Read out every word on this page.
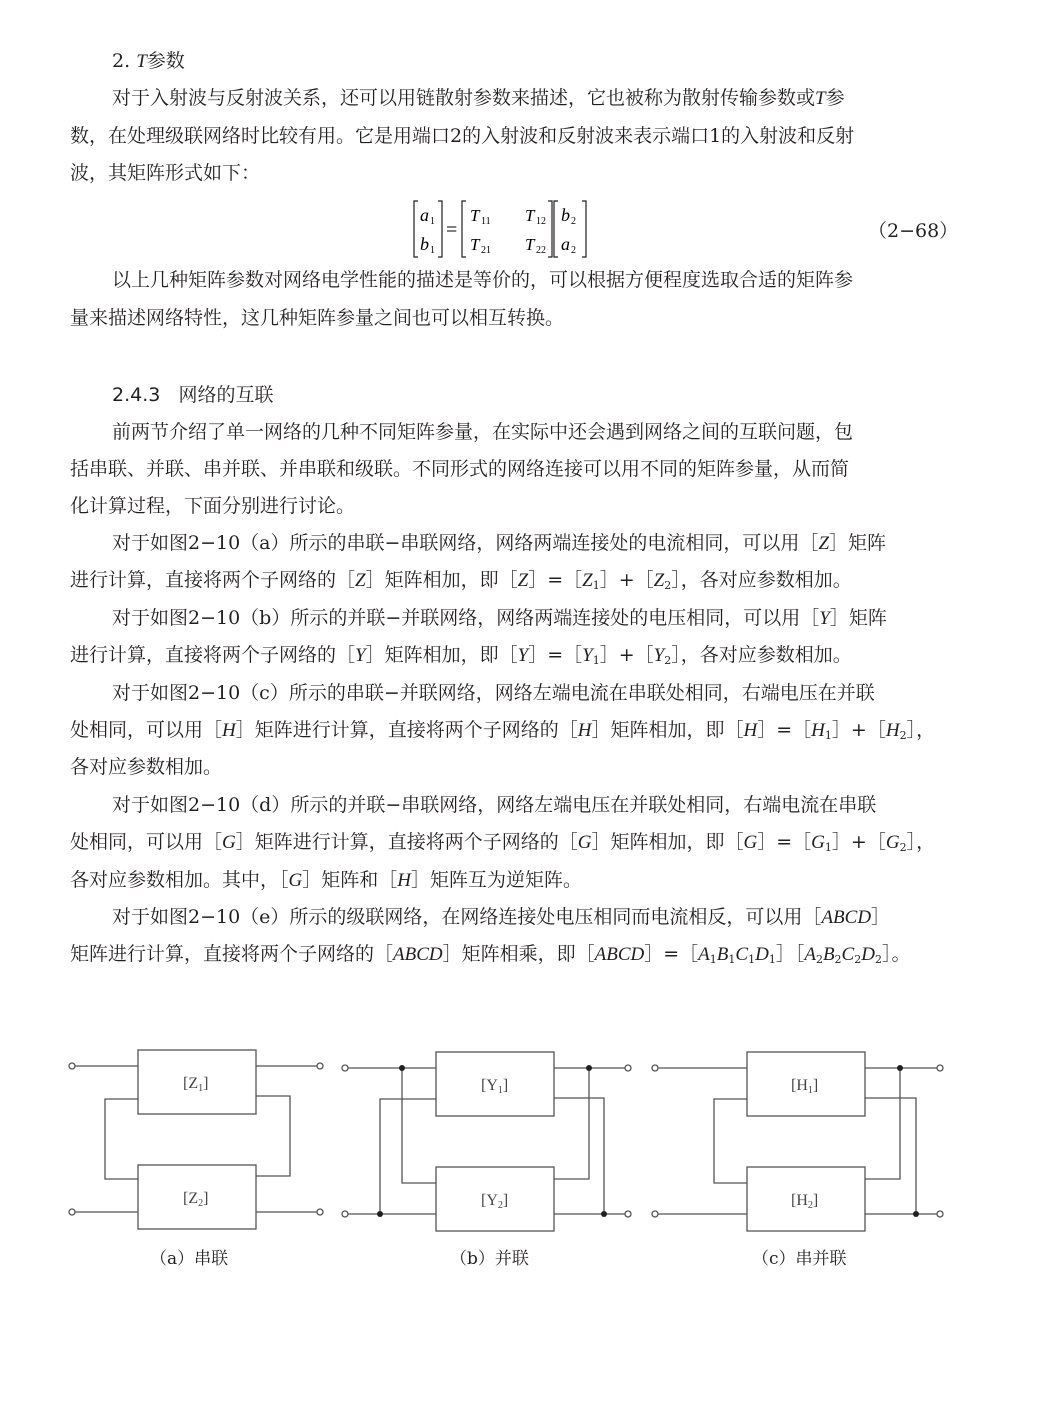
2. T参数
对于入射波与反射波关系，还可以用链散射参数来描述，它也被称为散射传输参数或T参
数，在处理级联网络时比较有用。它是用端口2的入射波和反射波来表示端口1的入射波和反射
波，其矩阵形式如下：
a 1
b 1
=
T 11 T 12
T 21 T 22
b 2
a 2
（2−68）
以上几种矩阵参数对网络电学性能的描述是等价的，可以根据方便程度选取合适的矩阵参
量来描述网络特性，这几种矩阵参量之间也可以相互转换。
2.4.3 网络的互联
前两节介绍了单一网络的几种不同矩阵参量，在实际中还会遇到网络之间的互联问题，包
括串联、并联、串并联、并串联和级联。不同形式的网络连接可以用不同的矩阵参量，从而简
化计算过程，下面分别进行讨论。
对于如图2−10（a）所示的串联−串联网络，网络两端连接处的电流相同，可以用［Z］矩阵
进行计算，直接将两个子网络的［Z］矩阵相加，即$[Z]=[Z_1]+[Z_2]$，各对应参数相加。
对于如图2−10（b）所示的并联−并联网络，网络两端连接处的电压相同，可以用［Y］矩阵
进行计算，直接将两个子网络的［Y］矩阵相加，即$[Y]=[Y_1]+[Y_2]$，各对应参数相加。
对于如图2−10（c）所示的串联−并联网络，网络左端电流在串联处相同，右端电压在并联
处相同，可以用［H］矩阵进行计算，直接将两个子网络的［H］矩阵相加，即$[H]=[H_1]+[H_2]$，
各对应参数相加。
对于如图2−10（d）所示的并联−串联网络，网络左端电压在并联处相同，右端电流在串联
处相同，可以用［G］矩阵进行计算，直接将两个子网络的［G］矩阵相加，即$[G]=[G_1]+[G_2]$，
各对应参数相加。其中，［G］矩阵和［H］矩阵互为逆矩阵。
对于如图2−10（e）所示的级联网络，在网络连接处电压相同而电流相反，可以用［ABCD］
矩阵进行计算，直接将两个子网络的［ABCD］矩阵相乘，即$[ABCD]=[A_1B_1C_1D_1][A_2B_2C_2D_2]$。
[Z1]
[Z2]
（a）串联
[Y1]
[Y2]
（b）并联
[H1]
[H2]
（c）串并联
